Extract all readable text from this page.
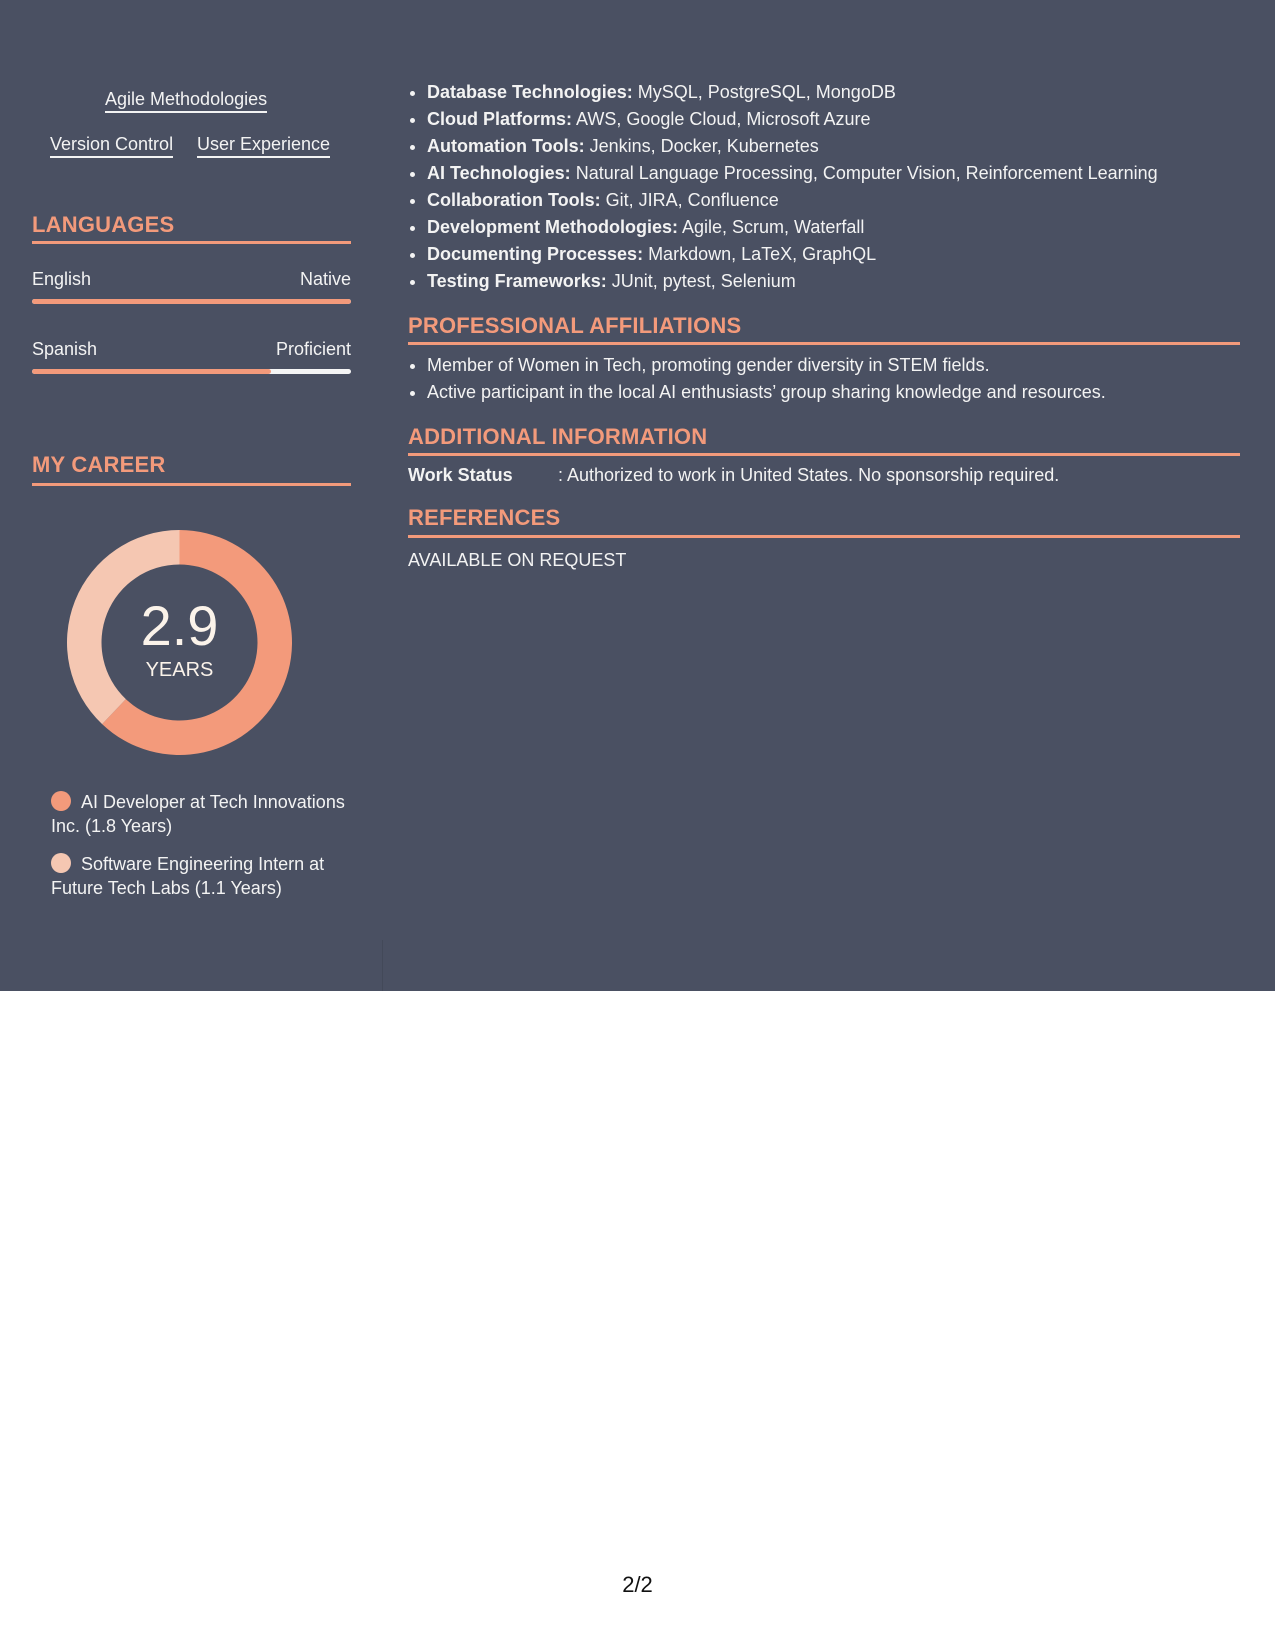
Agile Methodologies
Version Control User Experience
LANGUAGES
English	Native
Spanish	Proficient
MY CAREER
2.9
YEARS
AI Developer at Tech Innovations Inc. (1.8 Years)
Software Engineering Intern at Future Tech Labs (1.1 Years)
• Database Technologies: MySQL, PostgreSQL, MongoDB
• Cloud Platforms: AWS, Google Cloud, Microsoft Azure
• Automation Tools: Jenkins, Docker, Kubernetes
• AI Technologies: Natural Language Processing, Computer Vision, Reinforcement Learning
• Collaboration Tools: Git, JIRA, Confluence
• Development Methodologies: Agile, Scrum, Waterfall
• Documenting Processes: Markdown, LaTeX, GraphQL
• Testing Frameworks: JUnit, pytest, Selenium
PROFESSIONAL AFFILIATIONS
• Member of Women in Tech, promoting gender diversity in STEM fields.
• Active participant in the local AI enthusiasts’ group sharing knowledge and resources.
ADDITIONAL INFORMATION
Work Status	: Authorized to work in United States. No sponsorship required.
REFERENCES
AVAILABLE ON REQUEST
2/2
